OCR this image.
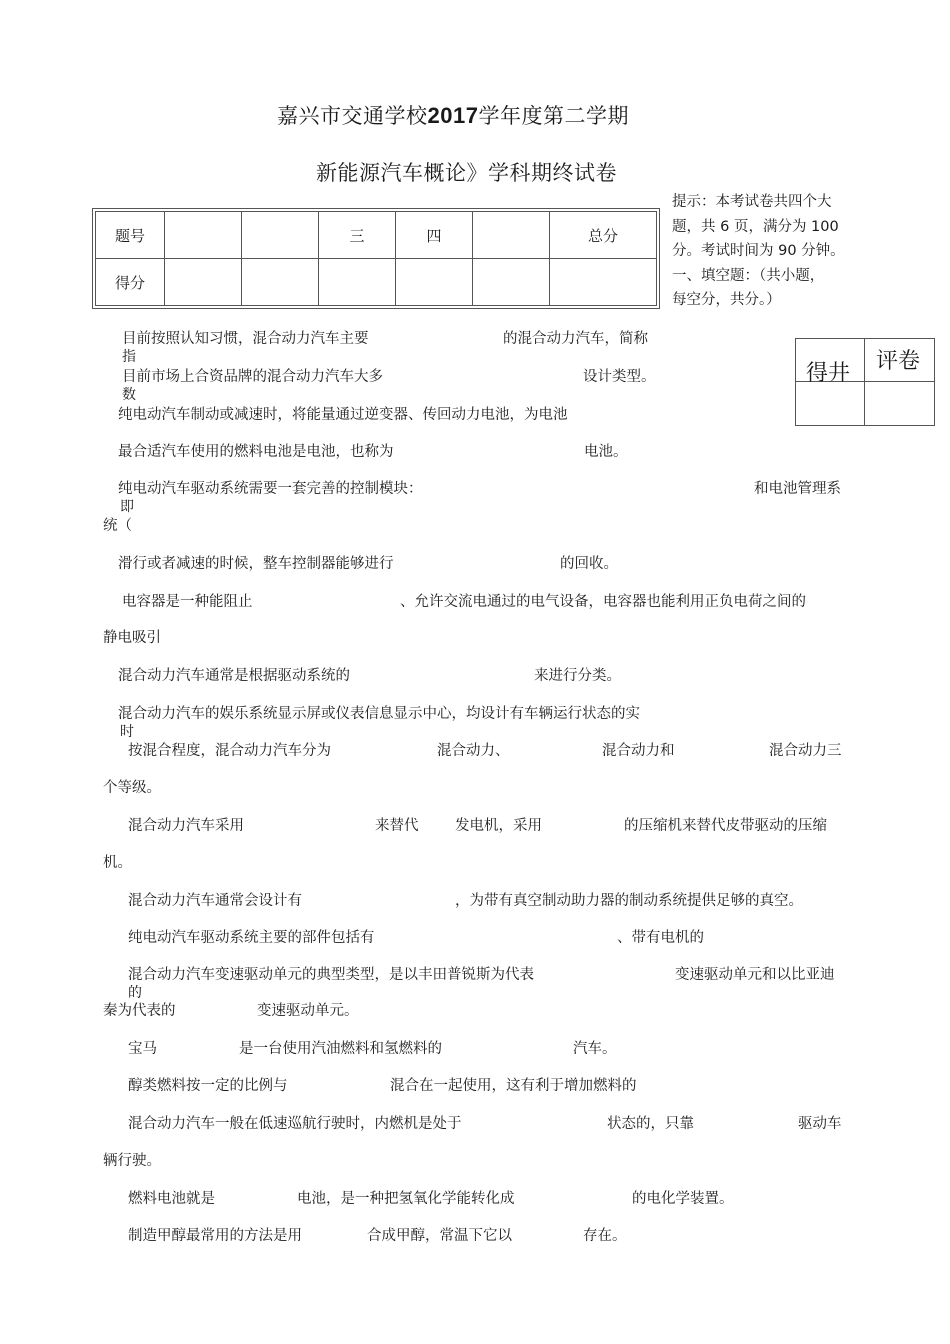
嘉兴市交通学校2017学年度第二学期
新能源汽车概论》学科期终试卷
提示：本考试卷共四个大
题，共 6 页，满分为 100
分。考试时间为 90 分钟。
一、填空题：（共小题，
每空分，共分。）
题号			三	四		总分
得分						
得井 评卷
目前按照认知习惯，混合动力汽车主要	的混合动力汽车，简称
指
目前市场上合资品牌的混合动力汽车大多	设计类型。
数
纯电动汽车制动或减速时，将能量通过逆变器、传回动力电池，为电池
最合适汽车使用的燃料电池是电池，也称为	电池。
纯电动汽车驱动系统需要一套完善的控制模块：	和电池管理系
即
统（
滑行或者减速的时候，整车控制器能够进行	的回收。
电容器是一种能阻止	、允许交流电通过的电气设备，电容器也能利用正负电荷之间的
静电吸引
混合动力汽车通常是根据驱动系统的	来进行分类。
混合动力汽车的娱乐系统显示屏或仪表信息显示中心，均设计有车辆运行状态的实
时
按混合程度，混合动力汽车分为	混合动力、	混合动力和	混合动力三
个等级。
混合动力汽车采用	来替代	发电机，采用	的压缩机来替代皮带驱动的压缩
机。
混合动力汽车通常会设计有	，为带有真空制动助力器的制动系统提供足够的真空。
纯电动汽车驱动系统主要的部件包括有	、带有电机的
混合动力汽车变速驱动单元的典型类型，是以丰田普锐斯为代表	变速驱动单元和以比亚迪
的
秦为代表的	变速驱动单元。
宝马	是一台使用汽油燃料和氢燃料的	汽车。
醇类燃料按一定的比例与	混合在一起使用，这有利于增加燃料的
混合动力汽车一般在低速巡航行驶时，内燃机是处于	状态的，只靠	驱动车
辆行驶。
燃料电池就是	电池，是一种把氢氧化学能转化成	的电化学装置。
制造甲醇最常用的方法是用	合成甲醇，常温下它以	存在。
